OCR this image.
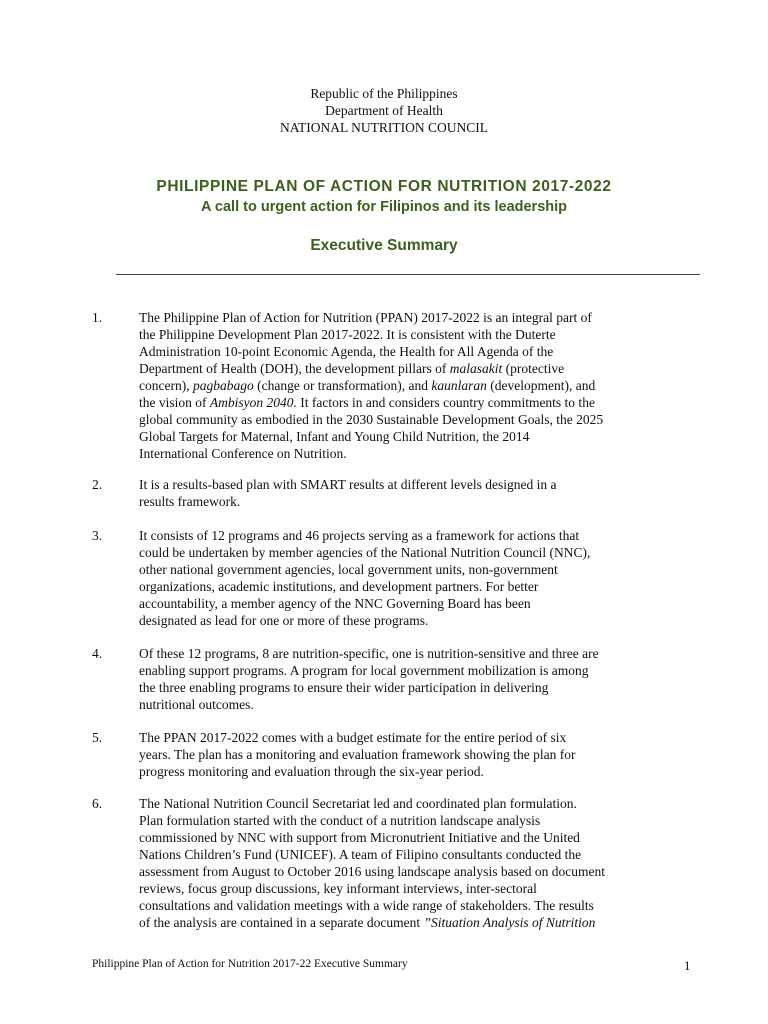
Republic of the Philippines
Department of Health
NATIONAL NUTRITION COUNCIL
PHILIPPINE PLAN OF ACTION FOR NUTRITION 2017-2022
A call to urgent action for Filipinos and its leadership
Executive Summary
1.	The Philippine Plan of Action for Nutrition (PPAN) 2017-2022 is an integral part of
the Philippine Development Plan 2017-2022. It is consistent with the Duterte
Administration 10-point Economic Agenda, the Health for All Agenda of the
Department of Health (DOH), the development pillars of malasakit (protective
concern), pagbabago (change or transformation), and kaunlaran (development), and
the vision of Ambisyon 2040. It factors in and considers country commitments to the
global community as embodied in the 2030 Sustainable Development Goals, the 2025
Global Targets for Maternal, Infant and Young Child Nutrition, the 2014
International Conference on Nutrition.
2.	It is a results-based plan with SMART results at different levels designed in a
results framework.
3.	It consists of 12 programs and 46 projects serving as a framework for actions that
could be undertaken by member agencies of the National Nutrition Council (NNC),
other national government agencies, local government units, non-government
organizations, academic institutions, and development partners. For better
accountability, a member agency of the NNC Governing Board has been
designated as lead for one or more of these programs.
4.	Of these 12 programs, 8 are nutrition-specific, one is nutrition-sensitive and three are
enabling support programs. A program for local government mobilization is among
the three enabling programs to ensure their wider participation in delivering
nutritional outcomes.
5.	The PPAN 2017-2022 comes with a budget estimate for the entire period of six
years. The plan has a monitoring and evaluation framework showing the plan for
progress monitoring and evaluation through the six-year period.
6.	The National Nutrition Council Secretariat led and coordinated plan formulation.
Plan formulation started with the conduct of a nutrition landscape analysis
commissioned by NNC with support from Micronutrient Initiative and the United
Nations Children’s Fund (UNICEF). A team of Filipino consultants conducted the
assessment from August to October 2016 using landscape analysis based on document
reviews, focus group discussions, key informant interviews, inter-sectoral
consultations and validation meetings with a wide range of stakeholders. The results
of the analysis are contained in a separate document ”Situation Analysis of Nutrition
Philippine Plan of Action for Nutrition 2017-22 Executive Summary	1
